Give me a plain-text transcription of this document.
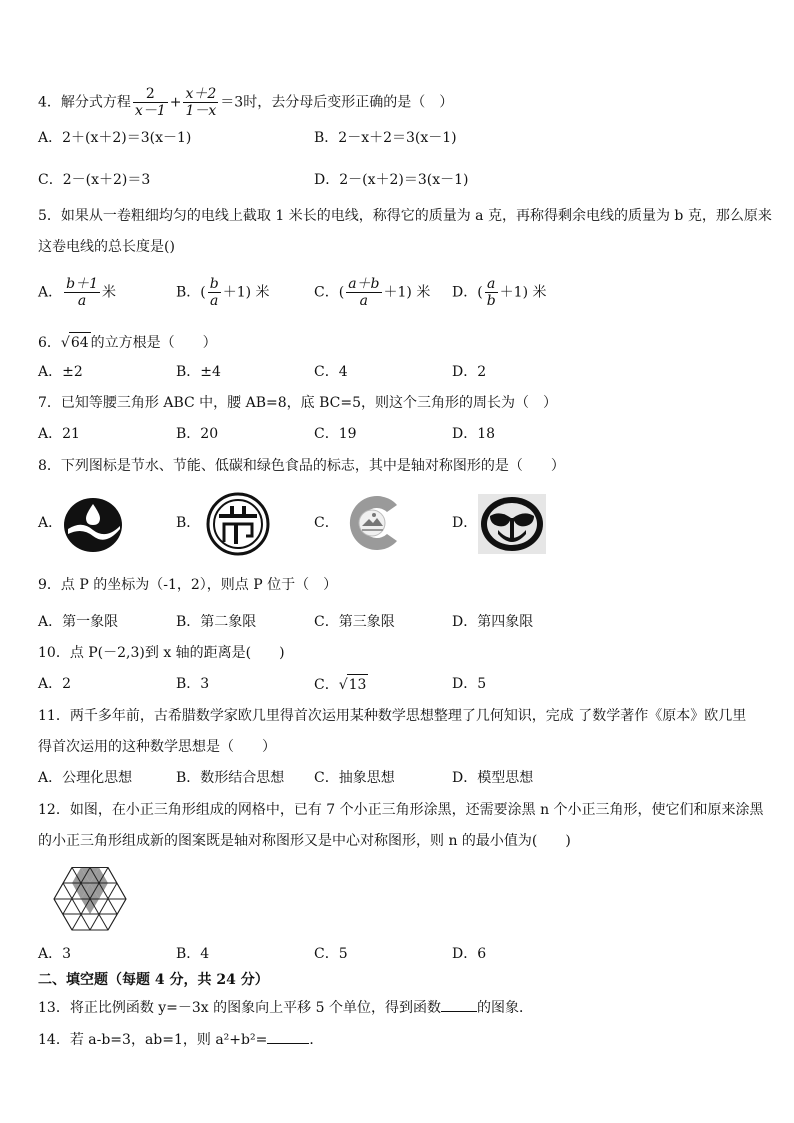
4．解分式方程 $\frac{2}{x-1} + \frac{x+2}{1-x} =3$时，去分母后变形正确的是（　）
A．2＋(x＋2)＝3(x－1)	B．2－x＋2＝3(x－1)
C．2－(x＋2)＝3	D．2－(x＋2)＝3(x－1)
5．如果从一卷粗细均匀的电线上截取 1 米长的电线，称得它的质量为 a 克，再称得剩余电线的质量为 b 克，那么原来
这卷电线的总长度是()
A． $\frac{b+1}{a}$ 米	B．( $\frac{b}{a} +1$) 米	C．( $\frac{a+b}{a} +1$) 米 D．( $\frac{a}{b} +1$) 米
6．√64 的立方根是（　　）
A．±2	B．±4	C．4	D．2
7．已知等腰三角形 ABC 中，腰 AB=8，底 BC=5，则这个三角形的周长为（　）
A．21	B．20	C．19	D．18
8．下列图标是节水、节能、低碳和绿色食品的标志，其中是轴对称图形的是（　　）
A．	B．	C．	D．
9．点 P 的坐标为（-1，2），则点 P 位于（　）
A．第一象限	B．第二象限	C．第三象限	D．第四象限
10．点 P(－2,3)到 x 轴的距离是(　　)
A．2	B．3	C．√13	D．5
11．两千多年前，古希腊数学家欧几里得首次运用某种数学思想整理了几何知识，完成 了数学著作《原本》欧几里
得首次运用的这种数学思想是（　　）
A．公理化思想	B．数形结合思想 C．抽象思想	D．模型思想
12．如图，在小正三角形组成的网格中，已有 7 个小正三角形涂黑，还需要涂黑 n 个小正三角形，使它们和原来涂黑
的小正三角形组成新的图案既是轴对称图形又是中心对称图形，则 n 的最小值为(　　)
A．3	B．4	C．5	D．6
二、填空题（每题 4 分，共 24 分）
13．将正比例函数 y=－3x 的图象向上平移 5 个单位，得到函数	的图象．
14．若 a-b=3，ab=1，则 a²+b²=	．
